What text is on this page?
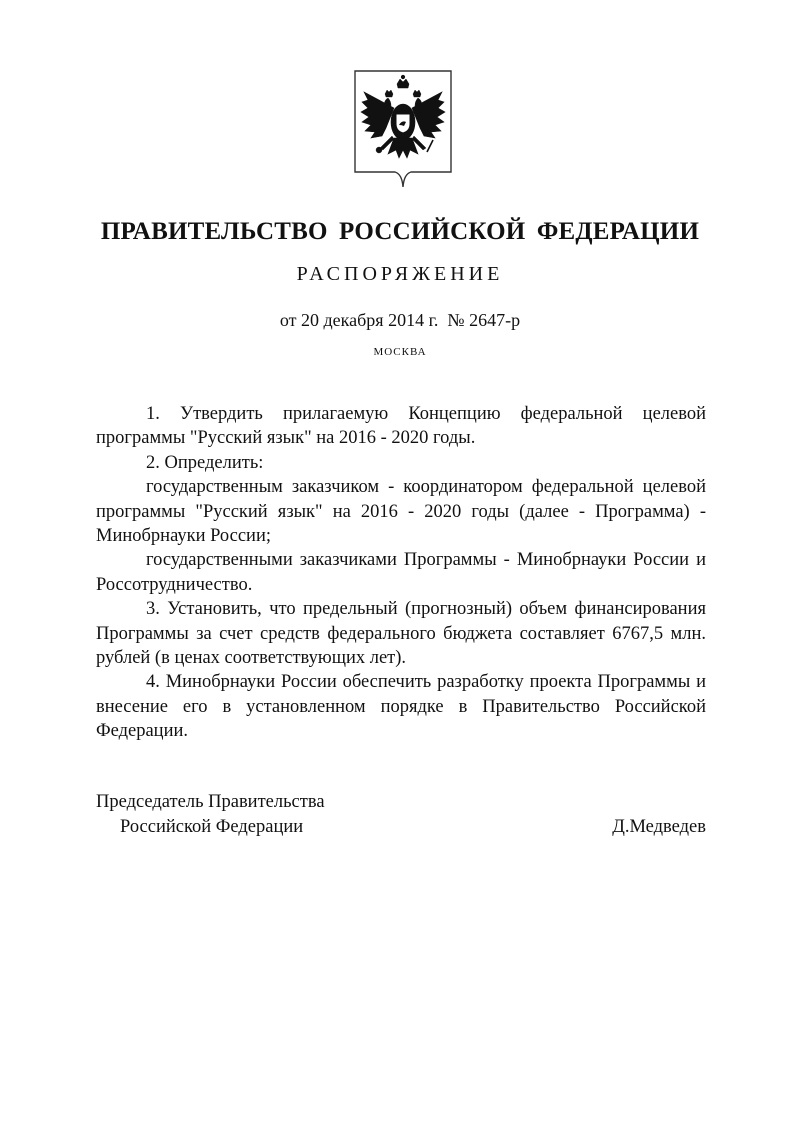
ПРАВИТЕЛЬСТВО РОССИЙСКОЙ ФЕДЕРАЦИИ
РАСПОРЯЖЕНИЕ
от 20 декабря 2014 г.  № 2647-р
МОСКВА

1. Утвердить прилагаемую Концепцию федеральной целевой программы "Русский язык" на 2016 - 2020 годы.

2. Определить:

государственным заказчиком - координатором федеральной целевой программы "Русский язык" на 2016 - 2020 годы (далее - Программа) - Минобрнауки России;

государственными заказчиками Программы - Минобрнауки России и Россотрудничество.

3. Установить, что предельный (прогнозный) объем финансирования Программы за счет средств федерального бюджета составляет 6767,5 млн. рублей (в ценах соответствующих лет).

4. Минобрнауки России обеспечить разработку проекта Программы и внесение его в установленном порядке в Правительство Российской Федерации.

Председатель Правительства
Российской Федерации	Д.Медведев
